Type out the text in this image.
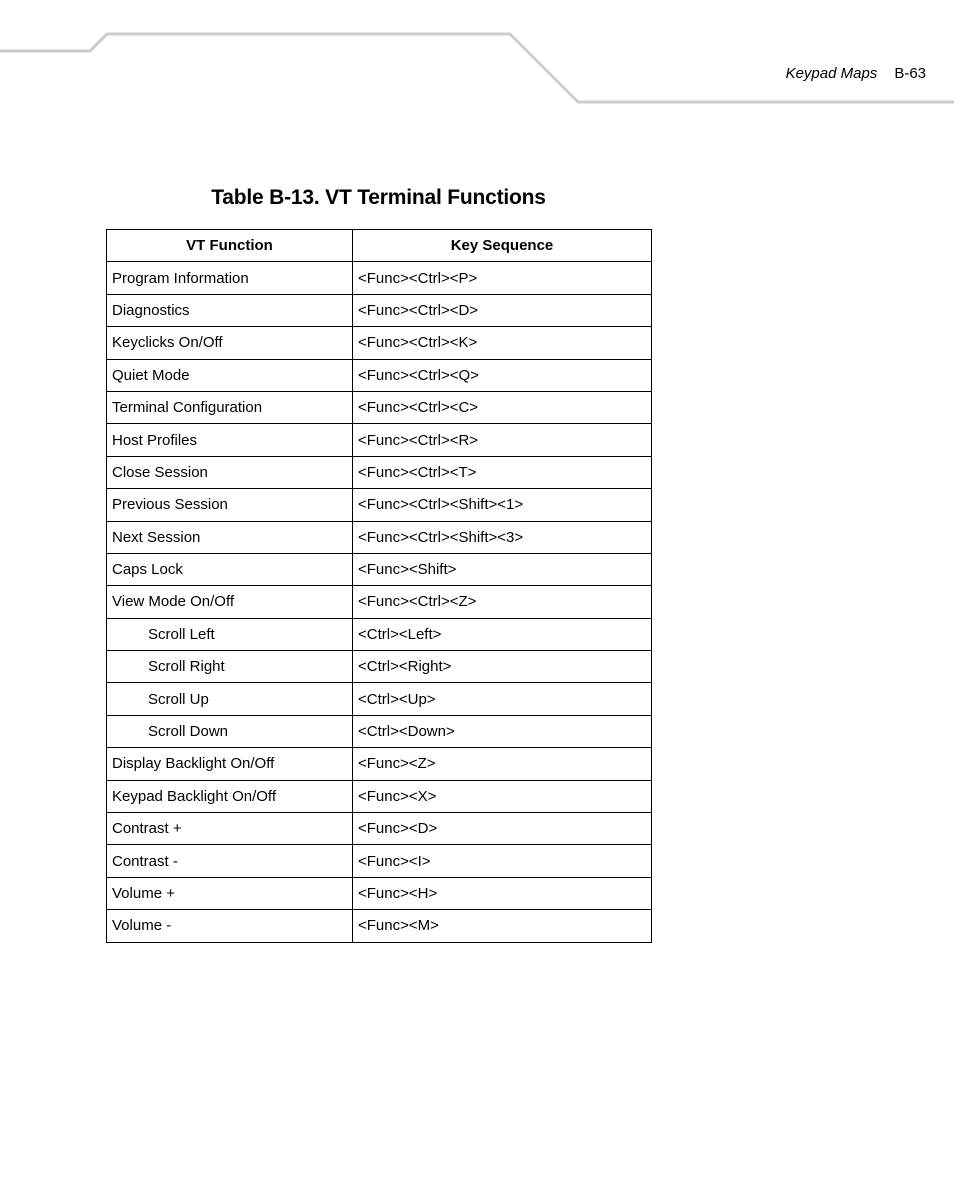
Keypad Maps B-63
Table B-13. VT Terminal Functions
VT Function	Key Sequence
Program Information	<Func><Ctrl><P>
Diagnostics	<Func><Ctrl><D>
Keyclicks On/Off	<Func><Ctrl><K>
Quiet Mode	<Func><Ctrl><Q>
Terminal Configuration	<Func><Ctrl><C>
Host Profiles	<Func><Ctrl><R>
Close Session	<Func><Ctrl><T>
Previous Session	<Func><Ctrl><Shift><1>
Next Session	<Func><Ctrl><Shift><3>
Caps Lock	<Func><Shift>
View Mode On/Off	<Func><Ctrl><Z>
Scroll Left	<Ctrl><Left>
Scroll Right	<Ctrl><Right>
Scroll Up	<Ctrl><Up>
Scroll Down	<Ctrl><Down>
Display Backlight On/Off	<Func><Z>
Keypad Backlight On/Off	<Func><X>
Contrast +	<Func><D>
Contrast -	<Func><I>
Volume +	<Func><H>
Volume -	<Func><M>
